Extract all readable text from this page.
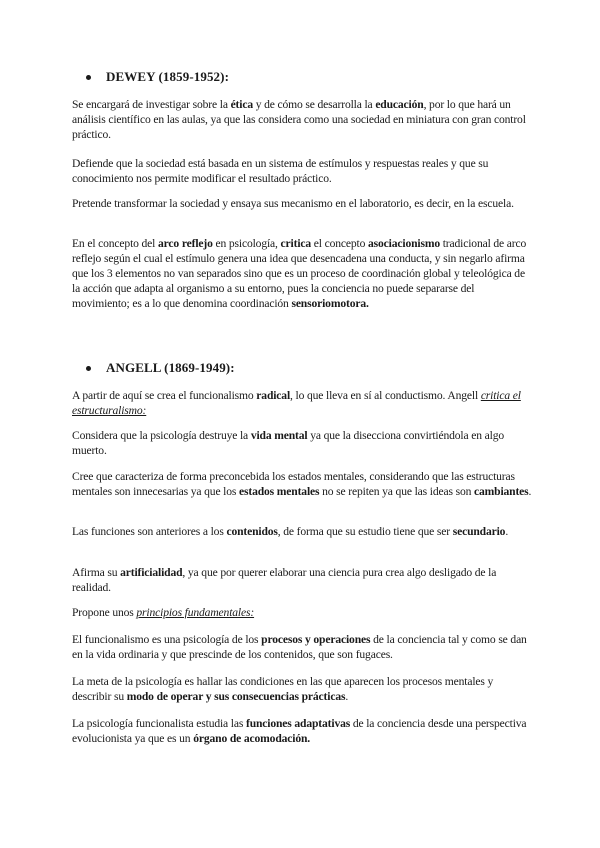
DEWEY (1859-1952):

Se encargará de investigar sobre la ética y de cómo se desarrolla la educación, por lo que hará un análisis científico en las aulas, ya que las considera como una sociedad en miniatura con gran control práctico.

Defiende que la sociedad está basada en un sistema de estímulos y respuestas reales y que su conocimiento nos permite modificar el resultado práctico.

Pretende transformar la sociedad y ensaya sus mecanismo en el laboratorio, es decir, en la escuela.

En el concepto del arco reflejo en psicología, critica el concepto asociacionismo tradicional de arco reflejo según el cual el estímulo genera una idea que desencadena una conducta, y sin negarlo afirma que los 3 elementos no van separados sino que es un proceso de coordinación global y teleológica de la acción que adapta al organismo a su entorno, pues la conciencia no puede separarse del movimiento; es a lo que denomina coordinación sensoriomotora.

ANGELL (1869-1949):

A partir de aquí se crea el funcionalismo radical, lo que lleva en sí al conductismo. Angell critica el estructuralismo:

Considera que la psicología destruye la vida mental ya que la disecciona convirtiéndola en algo muerto.

Cree que caracteriza de forma preconcebida los estados mentales, considerando que las estructuras mentales son innecesarias ya que los estados mentales no se repiten ya que las ideas son cambiantes.

Las funciones son anteriores a los contenidos, de forma que su estudio tiene que ser secundario.

Afirma su artificialidad, ya que por querer elaborar una ciencia pura crea algo desligado de la realidad.

Propone unos principios fundamentales:

El funcionalismo es una psicología de los procesos y operaciones de la conciencia tal y como se dan en la vida ordinaria y que prescinde de los contenidos, que son fugaces.

La meta de la psicología es hallar las condiciones en las que aparecen los procesos mentales y describir su modo de operar y sus consecuencias prácticas.

La psicología funcionalista estudia las funciones adaptativas de la conciencia desde una perspectiva evolucionista ya que es un órgano de acomodación.
